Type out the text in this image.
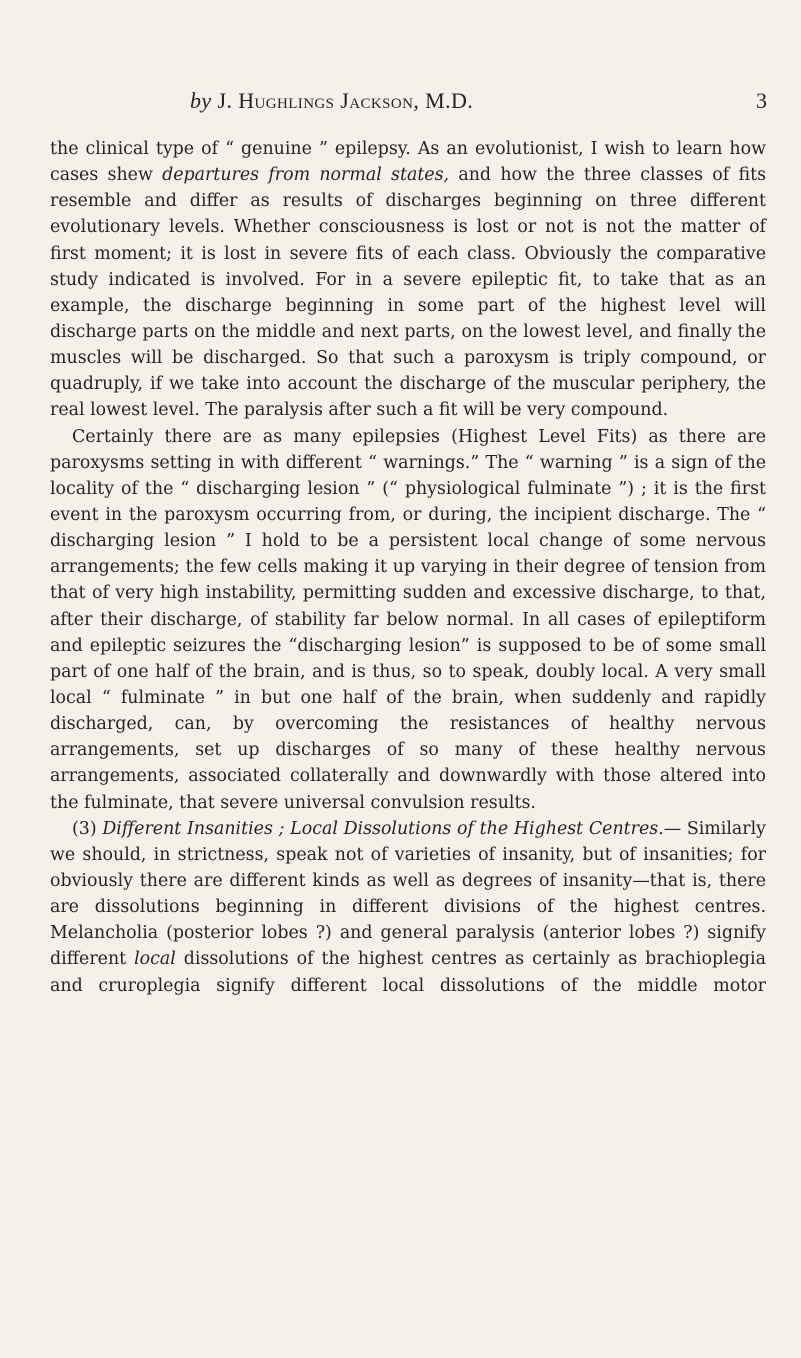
by J. Hughlings Jackson, M.D.	3

the clinical type of “ genuine ” epilepsy. As an evolutionist, I wish to learn how cases shew departures from normal states, and how the three classes of fits resemble and differ as results of discharges beginning on three different evolutionary levels. Whether consciousness is lost or not is not the matter of first moment; it is lost in severe fits of each class. Obviously the comparative study indicated is involved. For in a severe epileptic fit, to take that as an example, the discharge beginning in some part of the highest level will discharge parts on the middle and next parts, on the lowest level, and finally the muscles will be discharged. So that such a paroxysm is triply compound, or quadruply, if we take into account the discharge of the muscular periphery, the real lowest level. The paralysis after such a fit will be very compound.

Certainly there are as many epilepsies (Highest Level Fits) as there are paroxysms setting in with different “ warnings.” The “ warning ” is a sign of the locality of the “ discharging lesion ” (“ physiological fulminate ”) ; it is the first event in the paroxysm occurring from, or during, the incipient discharge. The “ discharging lesion ” I hold to be a persistent local change of some nervous arrangements; the few cells making it up varying in their degree of tension from that of very high instability, permitting sudden and excessive discharge, to that, after their discharge, of stability far below normal. In all cases of epileptiform and epileptic seizures the “discharging lesion” is supposed to be of some small part of one half of the brain, and is thus, so to speak, doubly local. A very small local “ fulminate ” in but one half of the brain, when suddenly and rapidly discharged, can, by overcoming the resistances of healthy nervous arrangements, set up discharges of so many of these healthy nervous arrangements, associated collaterally and downwardly with those altered into the fulminate, that severe universal convulsion results.

(3) Different Insanities ; Local Dissolutions of the Highest Centres.— Similarly we should, in strictness, speak not of varieties of insanity, but of insanities; for obviously there are different kinds as well as degrees of insanity—that is, there are dissolutions beginning in different divisions of the highest centres. Melancholia (posterior lobes ?) and general paralysis (anterior lobes ?) signify different local dissolutions of the highest centres as certainly as brachioplegia and cruroplegia signify different local dissolutions of the middle motor
